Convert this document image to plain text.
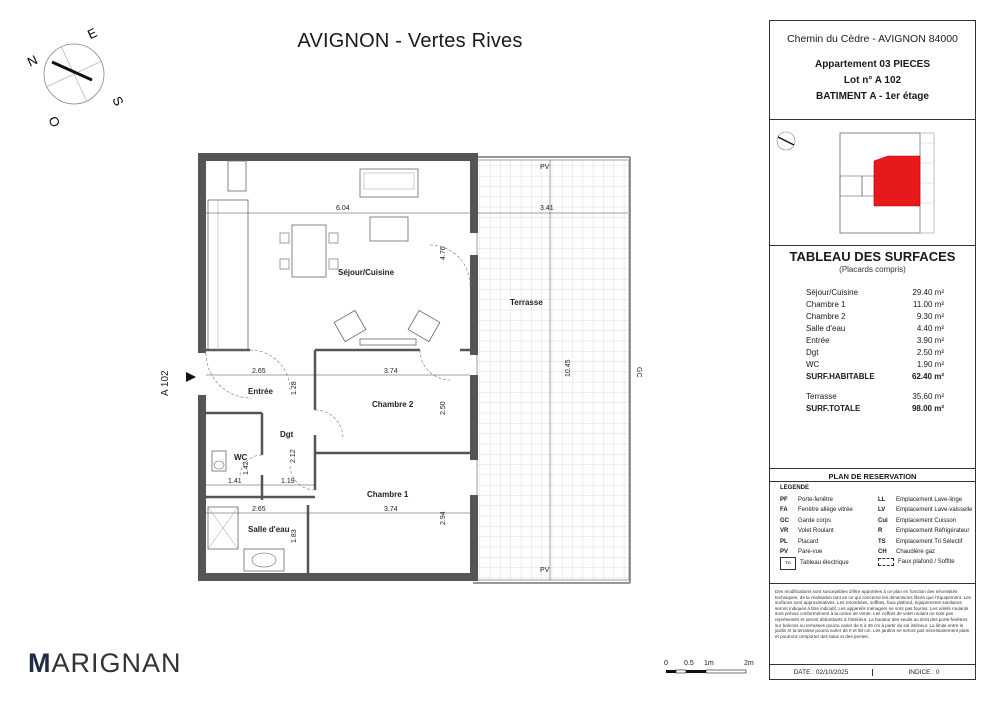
AVIGNON - Vertes Rives
N
E
S
O
Séjour/Cuisine
Terrasse
Entrée
Chambre 2
Dgt
WC
Chambre 1
Salle d'eau
6.04	3.41
4.76
2.65
1.28
3.74
2.50
10.45
2.12
1.42
1.41	1.19
2.65	3.74
2.94
1.83
PV
PV
GC
A 102
MARIGNAN	0 0.5 1m	2m
Chemin du Cèdre - AVIGNON 84000
Appartement 03 PIECES
Lot n° A 102
BATIMENT A - 1er étage
TABLEAU DES SURFACES
(Placards compris)
Séjour/Cuisine	29.40 m²
Chambre 1	11.00 m²
Chambre 2	9.30 m²
Salle d'eau	4.40 m²
Entrée	3.90 m²
Dgt	2.50 m²
WC	1.90 m²
SURF.HABITABLE	62.40 m²
Terrasse	35.60 m²
SURF.TOTALE	98.00 m²
PLAN DE RESERVATION
LEGENDE
PF Porte-fenêtre
FA Fenêtre allège vitrée
GC Garde corps
VR Volet Roulant
PL Placard
PV Pare-vue
TC Tableau électrique
LL Emplacement Lave-linge
LV Emplacement Lave-vaisselle
Cui Emplacement Cuisson
R Emplacement Réfrigérateur
TS Emplacement Tri Sélectif
CH Chaudière gaz
Faux plafond / Soffite
Des modifications sont susceptibles d'être apportées à ce plan en fonction des nécessités techniques, de la réalisation tant en ce qui concerne les dimensions libres que l'équipement. Les surfaces sont approximatives. Les retombées, soffites, faux plafond, équipements sanitaires seront indiqués à titre indicatif. Les appareils ménagers ne sont pas fournis. Les volets roulants sont prévus conformément à la notice de vente. Les coffres de volet roulant ne sont pas représentés et seront débordants à l'intérieur. La hauteur des seuils au droit des porte-fenêtres sur balcons ou terrasses pourra varier de 5 à 35 cm à partir du sol intérieur. La limite entre le jardin et la terrasse pourra varier de 0 et 60 cm. Les jardins ne seront pas nécessairement plats et pourront comporter des talus et des pentes.
DATE : 02/10/2025	INDICE : 0
